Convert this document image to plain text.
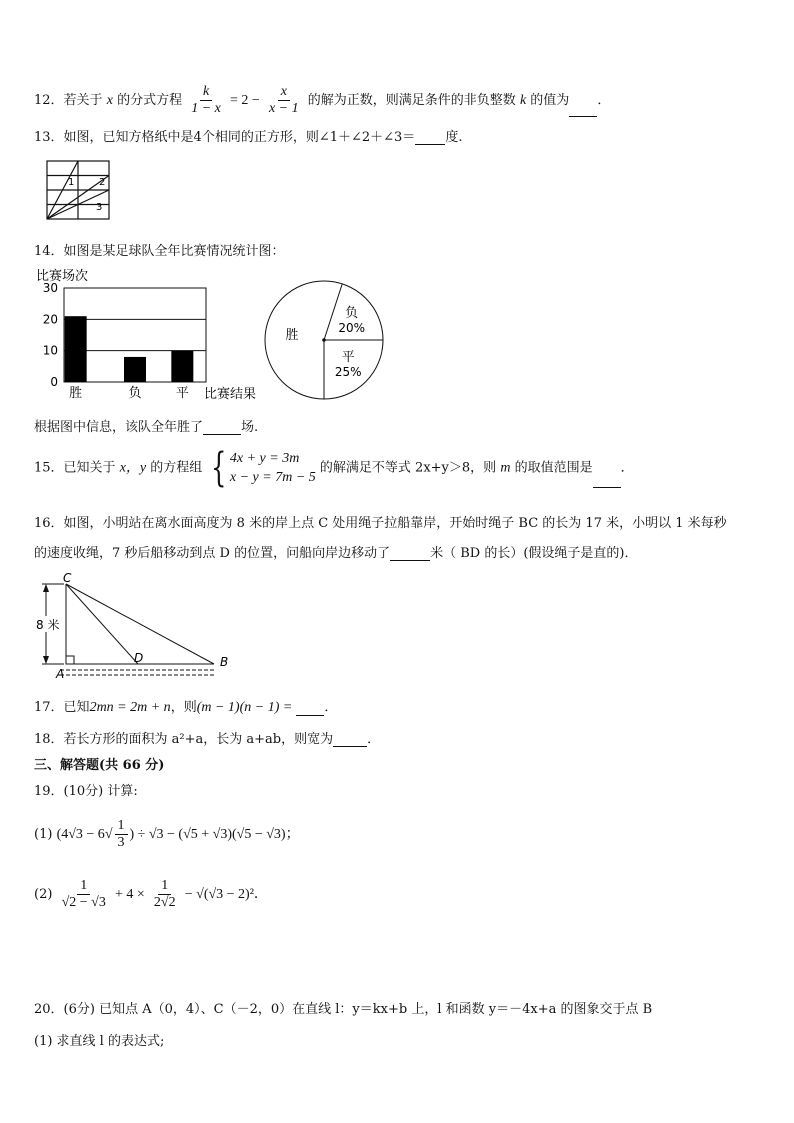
12．若关于 x 的分式方程 $\frac{k}{1 - x} = 2 - \frac{x}{x - 1}$ 的解为正数，则满足条件的非负整数 k 的值为 ．
13．如图，已知方格纸中是4个相同的正方形，则∠1＋∠2＋∠3＝ 度.
1 2
3
14．如图是某足球队全年比赛情况统计图：
比赛场次
0
10
20
30
胜	负	平 比赛结果
平
25%
负
20%
胜
根据图中信息，该队全年胜了	场.
15．已知关于 x，y 的方程组 { 4x + y = 3m
x − y = 7m − 5
的解满足不等式 2x+y＞8，则 m 的取值范围是 ．
16．如图，小明站在离水面高度为 8 米的岸上点 C 处用绳子拉船靠岸，开始时绳子 BC 的长为 17 米，小明以 1 米每秒
的速度收绳，7 秒后船移动到点 D 的位置，问船向岸边移动了	米（ BD 的长）(假设绳子是直的)．
8 米
C
A
D	B
17．已知2mn = 2m + n，则(m − 1)(n − 1) = ．
18．若长方形的面积为 a²+a，长为 a+ab，则宽为	．
三、解答题(共 66 分)
19．(10分) 计算:
(1) ($4√3 - 6√ \frac{1}{3}$ ) ÷ √3 − (√5 + √3)(√5 − √3)；
$(2) \frac{1}{√2 - √3} + 4 \times \frac{1}{2√2} - √(√3 - 2)^2$．
20．(6分) 已知点 A（0，4）、C（－2，0）在直线 l：y＝kx+b 上，l 和函数 y＝－4x+a 的图象交于点 B
(1) 求直线 l 的表达式;
